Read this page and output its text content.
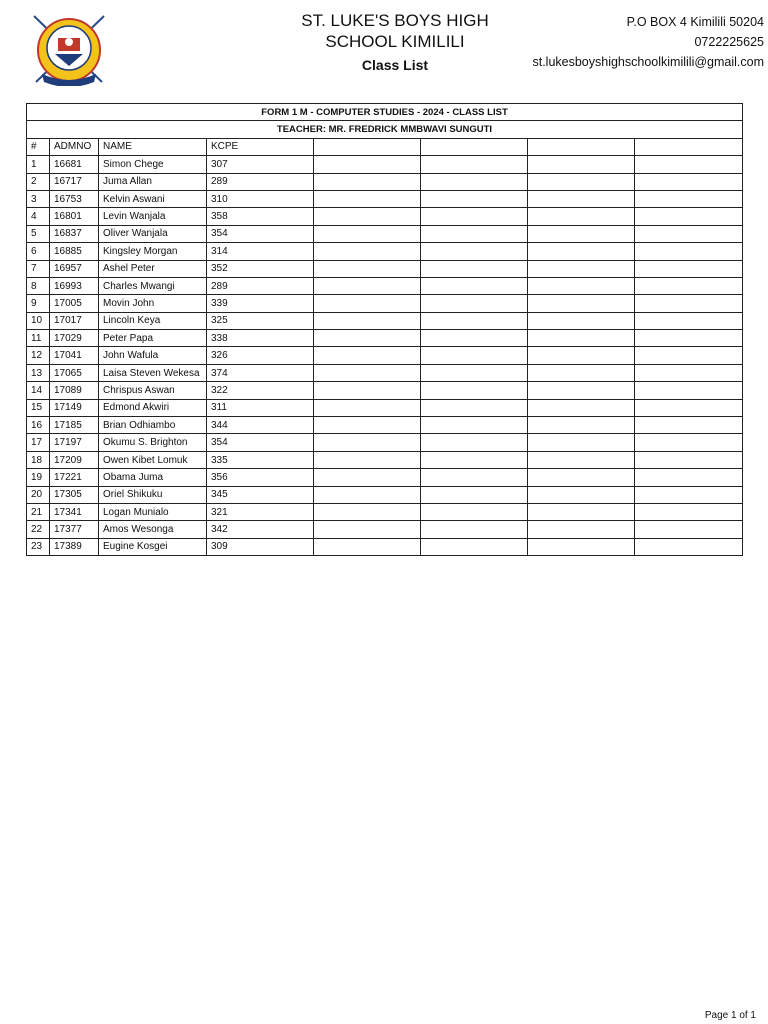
ST. LUKE'S BOYS HIGH
SCHOOL KIMILILI
Class List
P.O BOX 4 Kimilili 50204
0722225625
st.lukesboyshighschoolkimilili@gmail.com
FORM 1 M - COMPUTER STUDIES - 2024 - CLASS LIST							
TEACHER: MR. FREDRICK MMBWAVI SUNGUTI							
#	ADMNO	NAME	KCPE				
1	16681	Simon Chege	307				
2	16717	Juma Allan	289				
3	16753	Kelvin Aswani	310				
4	16801	Levin Wanjala	358				
5	16837	Oliver Wanjala	354				
6	16885	Kingsley Morgan	314				
7	16957	Ashel Peter	352				
8	16993	Charles Mwangi	289				
9	17005	Movin John	339				
10	17017	Lincoln Keya	325				
11	17029	Peter Papa	338				
12	17041	John Wafula	326				
13	17065	Laisa Steven Wekesa	374				
14	17089	Chrispus Aswan	322				
15	17149	Edmond Akwiri	311				
16	17185	Brian Odhiambo	344				
17	17197	Okumu S. Brighton	354				
18	17209	Owen Kibet Lomuk	335				
19	17221	Obama Juma	356				
20	17305	Oriel Shikuku	345				
21	17341	Logan Munialo	321				
22	17377	Amos Wesonga	342				
23	17389	Eugine Kosgei	309				
Page 1 of 1
